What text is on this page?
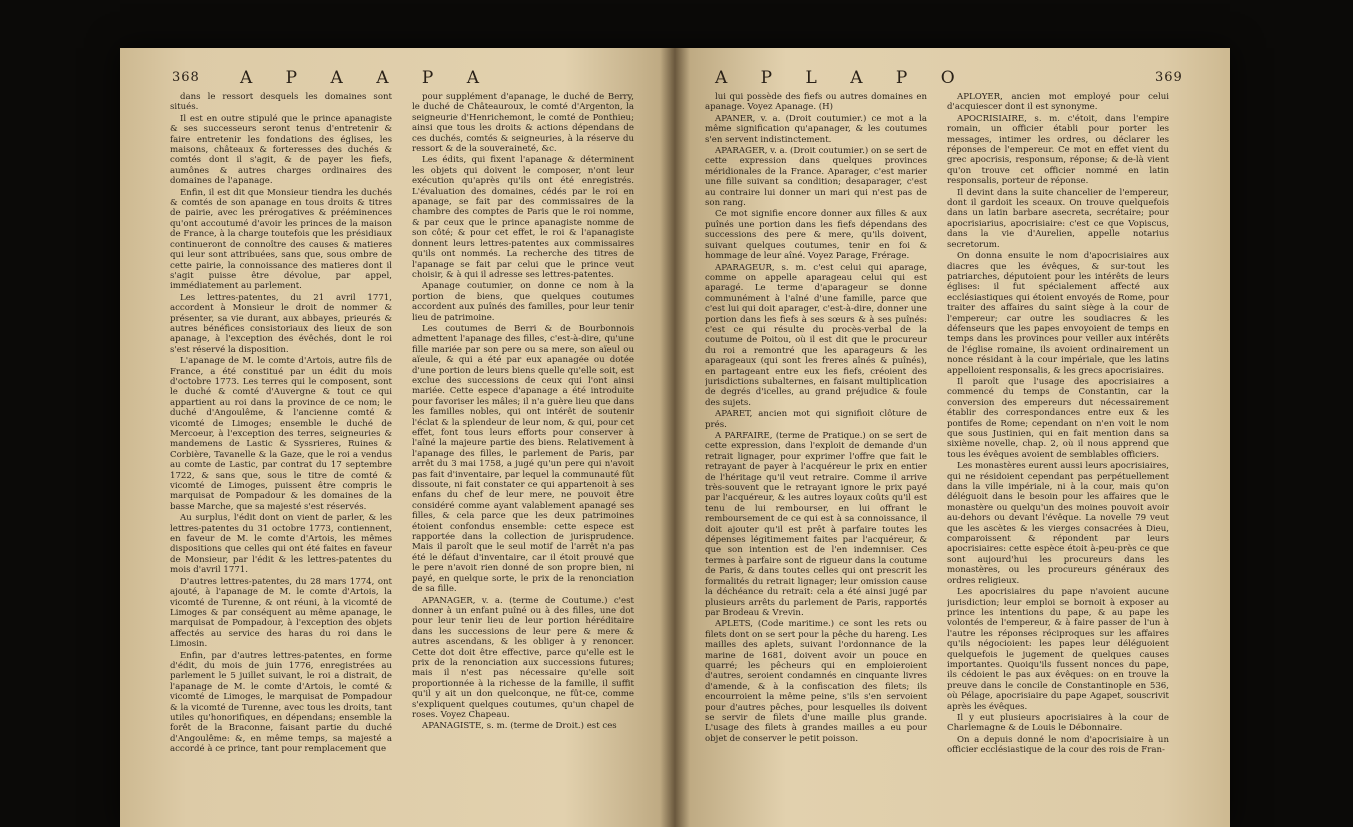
368 A P A A P A

dans le ressort desquels les domaines sont situés.

Il est en outre stipulé que le prince apanagiste & ses successeurs seront tenus d'entretenir & faire entretenir les fondations des églises, les maisons, châteaux & forteresses des duchés & comtés dont il s'agit, & de payer les fiefs, aumônes & autres charges ordinaires des domaines de l'apanage.

Enfin, il est dit que Monsieur tiendra les duchés & comtés de son apanage en tous droits & titres de pairie, avec les prérogatives & prééminences qu'ont accoutumé d'avoir les princes de la maison de France, à la charge toutefois que les présidiaux continueront de connoître des causes & matieres qui leur sont attribuées, sans que, sous ombre de cette pairie, la connoissance des matieres dont il s'agit puisse être dévolue, par appel, immédiatement au parlement.

Les lettres-patentes, du 21 avril 1771, accordent à Monsieur le droit de nommer & présenter, sa vie durant, aux abbayes, prieurés & autres bénéfices consistoriaux des lieux de son apanage, à l'exception des évêchés, dont le roi s'est réservé la disposition.

L'apanage de M. le comte d'Artois, autre fils de France, a été constitué par un édit du mois d'octobre 1773. Les terres qui le composent, sont le duché & comté d'Auvergne & tout ce qui appartient au roi dans la province de ce nom; le duché d'Angoulême, & l'ancienne comté & vicomté de Limoges; ensemble le duché de Mercoeur, à l'exception des terres, seigneuries & mandemens de Lastic & Syssrieres, Ruines & Corbière, Tavanelle & la Gaze, que le roi a vendus au comte de Lastic, par contrat du 17 septembre 1722, & sans que, sous le titre de comté & vicomté de Limoges, puissent être compris le marquisat de Pompadour & les domaines de la basse Marche, que sa majesté s'est réservés.

Au surplus, l'édit dont on vient de parler, & les lettres-patentes du 31 octobre 1773, contiennent, en faveur de M. le comte d'Artois, les mêmes dispositions que celles qui ont été faites en faveur de Monsieur, par l'édit & les lettres-patentes du mois d'avril 1771.

D'autres lettres-patentes, du 28 mars 1774, ont ajouté, à l'apanage de M. le comte d'Artois, la vicomté de Turenne, & ont réuni, à la vicomté de Limoges & par conséquent au même apanage, le marquisat de Pompadour, à l'exception des objets affectés au service des haras du roi dans le Limosin.

Enfin, par d'autres lettres-patentes, en forme d'édit, du mois de juin 1776, enregistrées au parlement le 5 juillet suivant, le roi a distrait, de l'apanage de M. le comte d'Artois, le comté & vicomté de Limoges, le marquisat de Pompadour & la vicomté de Turenne, avec tous les droits, tant utiles qu'honorifiques, en dépendans; ensemble la forêt de la Braconne, faisant partie du duché d'Angoulême: &, en même temps, sa majesté a accordé à ce prince, tant pour remplacement que

pour supplément d'apanage, le duché de Berry, le duché de Châteauroux, le comté d'Argenton, la seigneurie d'Henrichemont, le comté de Ponthieu; ainsi que tous les droits & actions dépendans de ces duchés, comtés & seigneuries, à la réserve du ressort & de la souveraineté, &c.

Les édits, qui fixent l'apanage & déterminent les objets qui doivent le composer, n'ont leur exécution qu'après qu'ils ont été enregistrés. L'évaluation des domaines, cédés par le roi en apanage, se fait par des commissaires de la chambre des comptes de Paris que le roi nomme, & par ceux que le prince apanagiste nomme de son côté; & pour cet effet, le roi & l'apanagiste donnent leurs lettres-patentes aux commissaires qu'ils ont nommés. La recherche des titres de l'apanage se fait par celui que le prince veut choisir, & à qui il adresse ses lettres-patentes.

Apanage coutumier, on donne ce nom à la portion de biens, que quelques coutumes accordent aux puînés des familles, pour leur tenir lieu de patrimoine.

Les coutumes de Berri & de Bourbonnois admettent l'apanage des filles, c'est-à-dire, qu'une fille mariée par son pere ou sa mere, son aïeul ou aïeule, & qui a été par eux apanagée ou dotée d'une portion de leurs biens quelle qu'elle soit, est exclue des successions de ceux qui l'ont ainsi mariée. Cette espece d'apanage a été introduite pour favoriser les mâles; il n'a guère lieu que dans les familles nobles, qui ont intérêt de soutenir l'éclat & la splendeur de leur nom, & qui, pour cet effet, font tous leurs efforts pour conserver à l'aîné la majeure partie des biens. Relativement à l'apanage des filles, le parlement de Paris, par arrêt du 3 mai 1758, a jugé qu'un pere qui n'avoit pas fait d'inventaire, par lequel la communauté fût dissoute, ni fait constater ce qui appartenoit à ses enfans du chef de leur mere, ne pouvoit être considéré comme ayant valablement apanagé ses filles, & cela parce que les deux patrimoines étoient confondus ensemble: cette espece est rapportée dans la collection de jurisprudence. Mais il paroît que le seul motif de l'arrêt n'a pas été le défaut d'inventaire, car il étoit prouvé que le pere n'avoit rien donné de son propre bien, ni payé, en quelque sorte, le prix de la renonciation de sa fille.

APANAGER, v. a. (terme de Coutume.) c'est donner à un enfant puîné ou à des filles, une dot pour leur tenir lieu de leur portion héréditaire dans les successions de leur pere & mere & autres ascendans, & les obliger à y renoncer. Cette dot doit être effective, parce qu'elle est le prix de la renonciation aux successions futures; mais il n'est pas nécessaire qu'elle soit proportionnée à la richesse de la famille, il suffit qu'il y ait un don quelconque, ne fût-ce, comme s'expliquent quelques coutumes, qu'un chapel de roses. Voyez Chapeau.

APANAGISTE, s. m. (terme de Droit.) est ces

A P L A P O	369

lui qui possède des fiefs ou autres domaines en apanage. Voyez Apanage. (H)

APANER, v. a. (Droit coutumier.) ce mot a la même signification qu'apanager, & les coutumes s'en servent indistinctement.

APARAGER, v. a. (Droit coutumier.) on se sert de cette expression dans quelques provinces méridionales de la France. Aparager, c'est marier une fille suivant sa condition; desaparager, c'est au contraire lui donner un mari qui n'est pas de son rang.

Ce mot signifie encore donner aux filles & aux puînés une portion dans les fiefs dépendans des successions des pere & mere, qu'ils doivent, suivant quelques coutumes, tenir en foi & hommage de leur aîné. Voyez Parage, Frérage.

APARAGEUR, s. m. c'est celui qui aparage, comme on appelle aparageau celui qui est aparagé. Le terme d'aparageur se donne communément à l'aîné d'une famille, parce que c'est lui qui doit aparager, c'est-à-dire, donner une portion dans les fiefs à ses sœurs & à ses puînés: c'est ce qui résulte du procès-verbal de la coutume de Poitou, où il est dit que le procureur du roi a remontré que les aparageurs & les aparageaux (qui sont les freres aînés & puînés), en partageant entre eux les fiefs, créoient des jurisdictions subalternes, en faisant multiplication de degrés d'icelles, au grand préjudice & foule des sujets.

APARET, ancien mot qui signifioit clôture de prés.

A PARFAIRE, (terme de Pratique.) on se sert de cette expression, dans l'exploit de demande d'un retrait lignager, pour exprimer l'offre que fait le retrayant de payer à l'acquéreur le prix en entier de l'héritage qu'il veut retraire. Comme il arrive très-souvent que le retrayant ignore le prix payé par l'acquéreur, & les autres loyaux coûts qu'il est tenu de lui rembourser, en lui offrant le remboursement de ce qui est à sa connoissance, il doit ajouter qu'il est prêt à parfaire toutes les dépenses légitimement faites par l'acquéreur, & que son intention est de l'en indemniser. Ces termes à parfaire sont de rigueur dans la coutume de Paris, & dans toutes celles qui ont prescrit les formalités du retrait lignager; leur omission cause la déchéance du retrait: cela a été ainsi jugé par plusieurs arrêts du parlement de Paris, rapportés par Brodeau & Vrevin.

APLETS, (Code maritime.) ce sont les rets ou filets dont on se sert pour la pêche du hareng. Les mailles des aplets, suivant l'ordonnance de la marine de 1681, doivent avoir un pouce en quarré; les pêcheurs qui en emploieroient d'autres, seroient condamnés en cinquante livres d'amende, & à la confiscation des filets; ils encourroient la même peine, s'ils s'en servoient pour d'autres pêches, pour lesquelles ils doivent se servir de filets d'une maille plus grande. L'usage des filets à grandes mailles a eu pour objet de conserver le petit poisson.

APLOYER, ancien mot employé pour celui d'acquiescer dont il est synonyme.

APOCRISIAIRE, s. m. c'étoit, dans l'empire romain, un officier établi pour porter les messages, intimer les ordres, ou déclarer les réponses de l'empereur. Ce mot en effet vient du grec apocrisis, responsum, réponse; & de-là vient qu'on trouve cet officier nommé en latin responsalis, porteur de réponse.

Il devint dans la suite chancelier de l'empereur, dont il gardoit les sceaux. On trouve quelquefois dans un latin barbare asecreta, secrétaire; pour apocrisiarius, apocrisiaire: c'est ce que Vopiscus, dans la vie d'Aurelien, appelle notarius secretorum.

On donna ensuite le nom d'apocrisiaires aux diacres que les évêques, & sur-tout les patriarches, députoient pour les intérêts de leurs églises: il fut spécialement affecté aux ecclésiastiques qui étoient envoyés de Rome, pour traiter des affaires du saint siège à la cour de l'empereur; car outre les soudiacres & les défenseurs que les papes envoyoient de temps en temps dans les provinces pour veiller aux intérêts de l'église romaine, ils avoient ordinairement un nonce résidant à la cour impériale, que les latins appelloient responsalis, & les grecs apocrisiaires.

Il paroît que l'usage des apocrisiaires a commencé du temps de Constantin, car la conversion des empereurs dut nécessairement établir des correspondances entre eux & les pontifes de Rome; cependant on n'en voit le nom que sous Justinien, qui en fait mention dans sa sixième novelle, chap. 2, où il nous apprend que tous les évêques avoient de semblables officiers.

Les monastères eurent aussi leurs apocrisiaires, qui ne résidoient cependant pas perpétuellement dans la ville impériale, ni à la cour, mais qu'on déléguoit dans le besoin pour les affaires que le monastère ou quelqu'un des moines pouvoit avoir au-dehors ou devant l'évêque. La novelle 79 veut que les ascètes & les vierges consacrées à Dieu, comparoissent & répondent par leurs apocrisiaires: cette espèce étoit à-peu-près ce que sont aujourd'hui les procureurs dans les monastères, ou les procureurs généraux des ordres religieux.

Les apocrisiaires du pape n'avoient aucune jurisdiction; leur emploi se bornoit à exposer au prince les intentions du pape, & au pape les volontés de l'empereur, & à faire passer de l'un à l'autre les réponses réciproques sur les affaires qu'ils négocioient: les papes leur déléguoient quelquefois le jugement de quelques causes importantes. Quoiqu'ils fussent nonces du pape, ils cédoient le pas aux évêques: on en trouve la preuve dans le concile de Constantinople en 536, où Pélage, apocrisiaire du pape Agapet, souscrivit après les évêques.

Il y eut plusieurs apocrisiaires à la cour de Charlemagne & de Louis le Débonnaire.

On a depuis donné le nom d'apocrisiaire à un officier ecclésiastique de la cour des rois de Fran-
